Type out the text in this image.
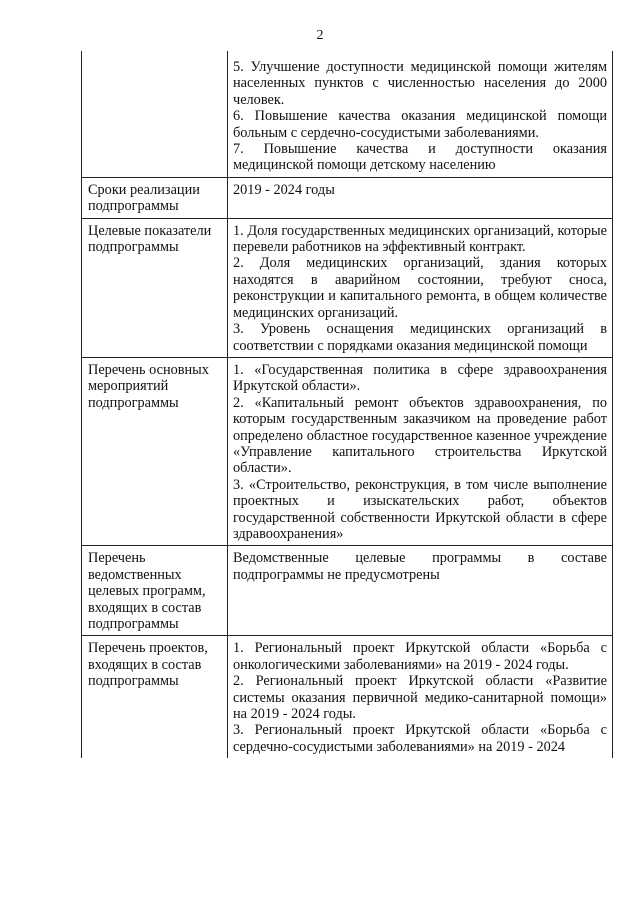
2

	5. Улучшение доступности медицинской помощи жителям населенных пунктов с численностью населения до 2000 человек.
6. Повышение качества оказания медицинской помощи больным с сердечно-сосудистыми заболеваниями.
7. Повышение качества и доступности оказания медицинской помощи детскому населению

Сроки реализации подпрограммы	2019 - 2024 годы

Целевые показатели подпрограммы	1. Доля государственных медицинских организаций, которые перевели работников на эффективный контракт.
2. Доля медицинских организаций, здания которых находятся в аварийном состоянии, требуют сноса, реконструкции и капитального ремонта, в общем количестве медицинских организаций.
3. Уровень оснащения медицинских организаций в соответствии с порядками оказания медицинской помощи

Перечень основных мероприятий подпрограммы	1. «Государственная политика в сфере здравоохранения Иркутской области».
2. «Капитальный ремонт объектов здравоохранения, по которым государственным заказчиком на проведение работ определено областное государственное казенное учреждение «Управление капитального строительства Иркутской области».
3. «Строительство, реконструкция, в том числе выполнение проектных и изыскательских работ, объектов государственной собственности Иркутской области в сфере здравоохранения»

Перечень ведомственных целевых программ, входящих в состав подпрограммы	Ведомственные целевые программы в составе подпрограммы не предусмотрены

Перечень проектов, входящих в состав подпрограммы	1. Региональный проект Иркутской области «Борьба с онкологическими заболеваниями» на 2019 - 2024 годы.
2. Региональный проект Иркутской области «Развитие системы оказания первичной медико-санитарной помощи» на 2019 - 2024 годы.
3. Региональный проект Иркутской области «Борьба с сердечно-сосудистыми заболеваниями» на 2019 - 2024
